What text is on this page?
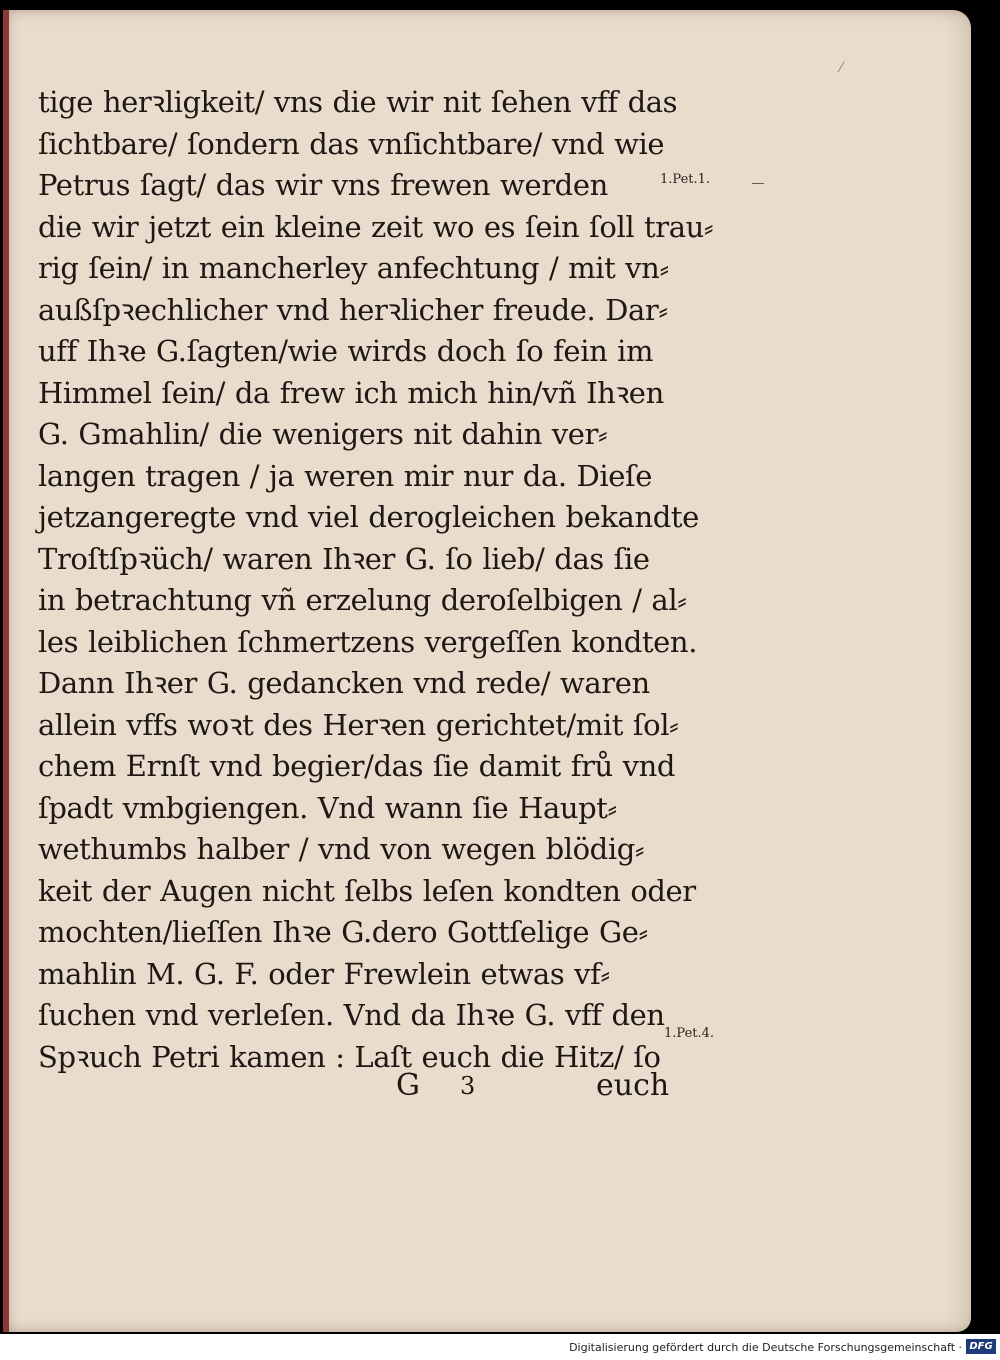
⁄
tige herꝛligkeit/ vns die wir nit ſehen vff das
ſichtbare/ ſondern das vnſichtbare/ vnd wie
Petrus ſagt/ das wir vns frewen werden
die wir jetzt ein kleine zeit wo es ſein ſoll trau⸗
rig ſein/ in mancherley anfechtung / mit vn⸗
außſpꝛechlicher vnd herꝛlicher freude. Dar⸗
uff Ihꝛe G.ſagten/wie wirds doch ſo fein im
Himmel ſein/ da frew ich mich hin/vñ Ihꝛen
G. Gmahlin/ die wenigers nit dahin ver⸗
langen tragen / ja weren mir nur da. Dieſe
jetzangeregte vnd viel derogleichen bekandte
Troſtſpꝛüch/ waren Ihꝛer G. ſo lieb/ das ſie
in betrachtung vñ erzelung deroſelbigen / al⸗
les leiblichen ſchmertzens vergeſſen kondten.
Dann Ihꝛer G. gedancken vnd rede/ waren
allein vffs woꝛt des Herꝛen gerichtet/mit ſol⸗
chem Ernſt vnd begier/das ſie damit frů vnd
ſpadt vmbgiengen. Vnd wann ſie Haupt⸗
wethumbs halber / vnd von wegen blödig⸗
keit der Augen nicht ſelbs leſen kondten oder
mochten/lieſſen Ihꝛe G.dero Gottſelige Ge⸗
mahlin M. G. F. oder Frewlein etwas vf⸗
ſuchen vnd verleſen. Vnd da Ihꝛe G. vff den
Spꝛuch Petri kamen : Laſt euch die Hitz/ ſo
1.Pet.1.
1.Pet.4.
G 3	euch
Digitalisierung gefördert durch die Deutsche Forschungsgemeinschaft · DFG
